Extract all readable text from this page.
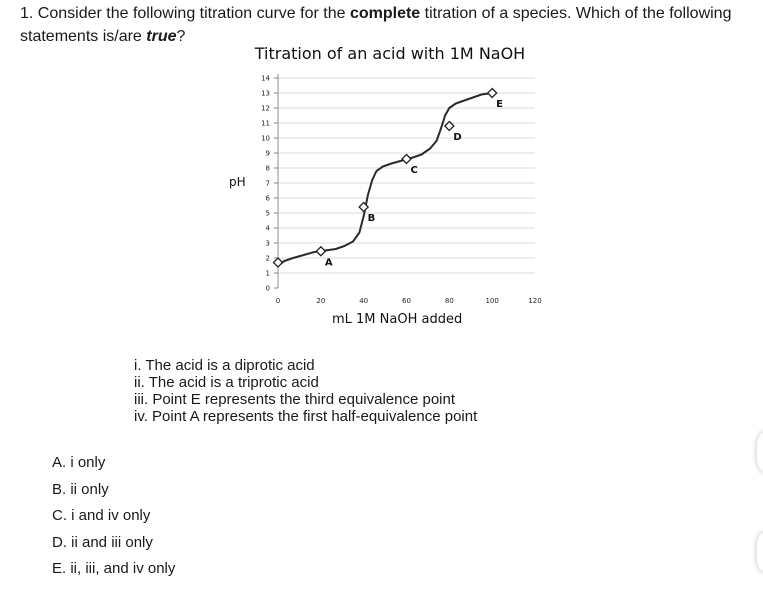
1. Consider the following titration curve for the complete titration of a species. Which of the following statements is/are true?
0
1
2
3
4
5
6
7
8
9
10
11
12
13
14
0	20	40	60	80	100	120
A
B
C
D
E
Titration of an acid with 1M NaOH
pH
mL 1M NaOH added
i. The acid is a diprotic acid
ii. The acid is a triprotic acid
iii. Point E represents the third equivalence point
iv. Point A represents the first half-equivalence point
A. i only
B. ii only
C. i and iv only
D. ii and iii only
E. ii, iii, and iv only
